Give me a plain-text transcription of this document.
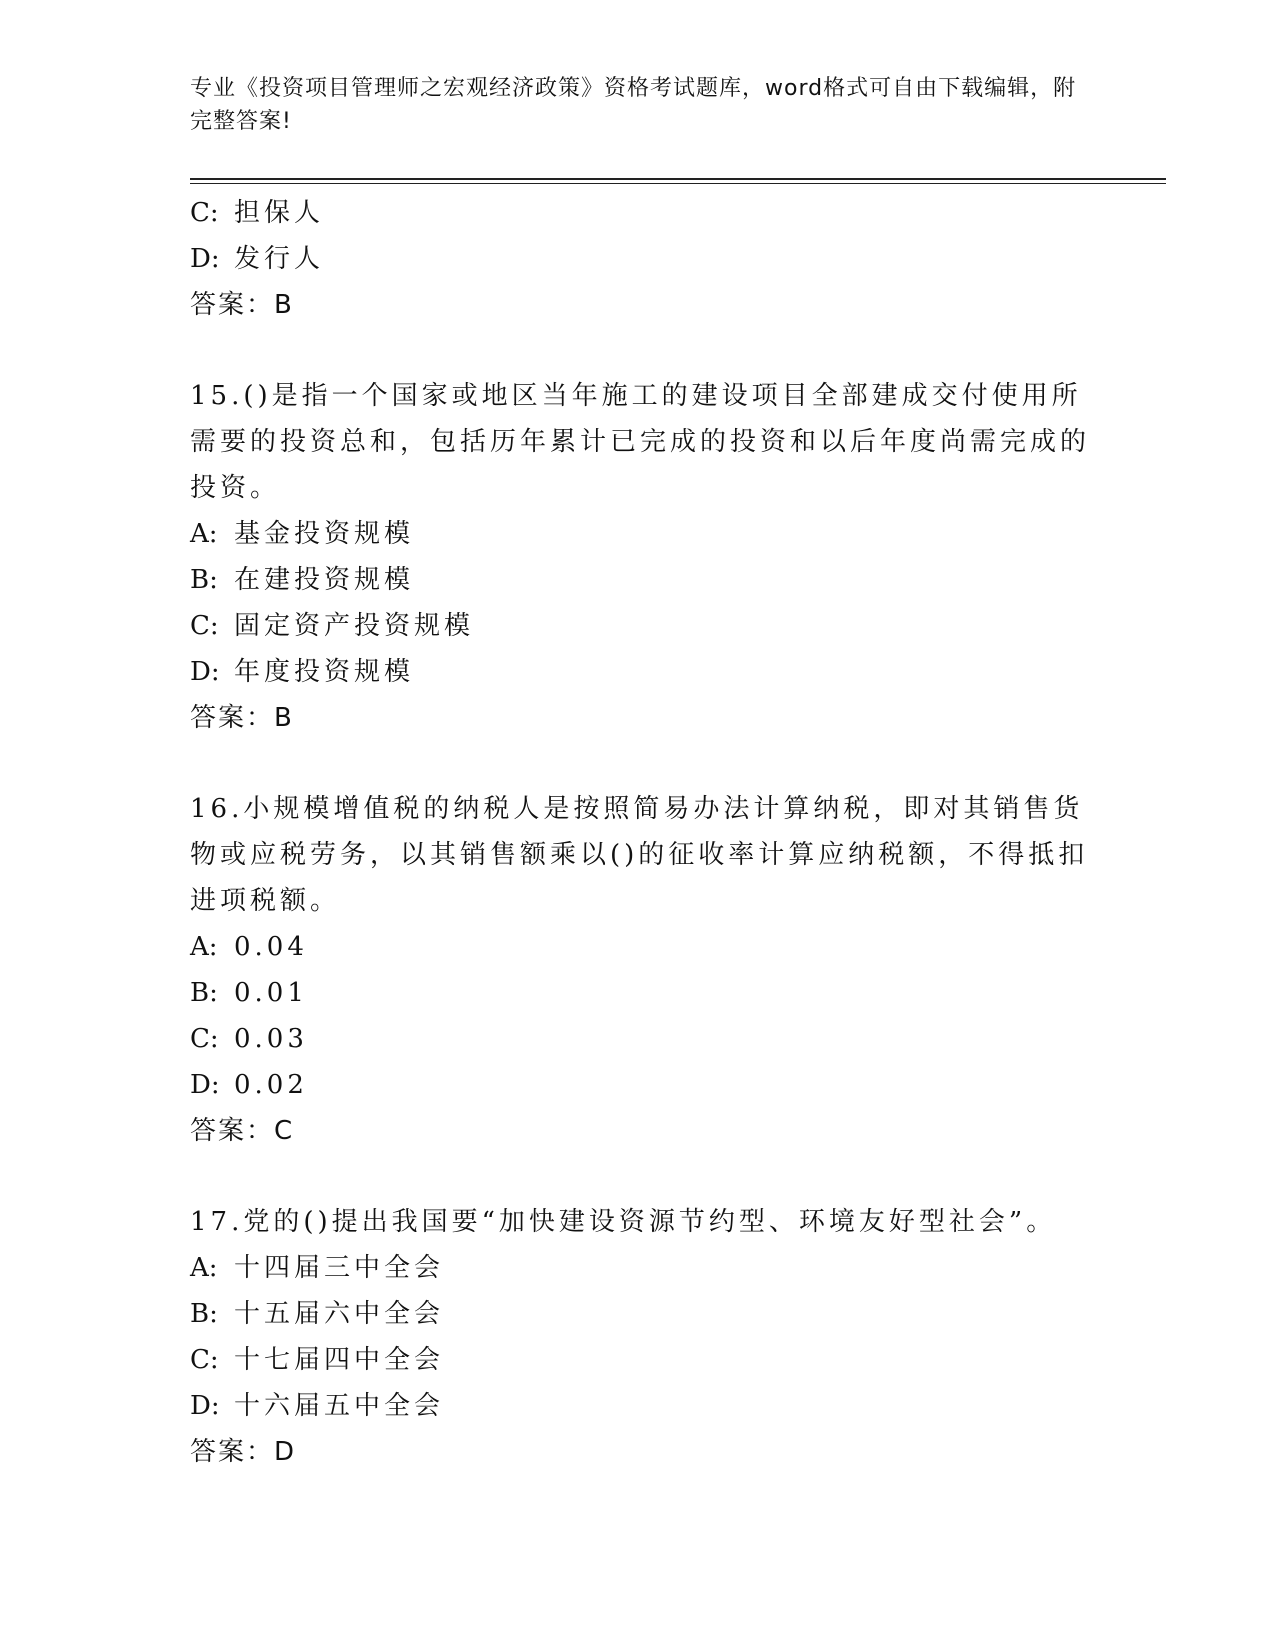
专业《投资项目管理师之宏观经济政策》资格考试题库，word格式可自由下载编辑，附完整答案!
C: 担保人
D: 发行人
答案：B
15.()是指一个国家或地区当年施工的建设项目全部建成交付使用所需要的投资总和，包括历年累计已完成的投资和以后年度尚需完成的投资。
A: 基金投资规模
B: 在建投资规模
C: 固定资产投资规模
D: 年度投资规模
答案：B
16.小规模增值税的纳税人是按照简易办法计算纳税，即对其销售货物或应税劳务，以其销售额乘以()的征收率计算应纳税额，不得抵扣进项税额。
A: 0.04
B: 0.01
C: 0.03
D: 0.02
答案：C
17.党的()提出我国要“加快建设资源节约型、环境友好型社会”。
A: 十四届三中全会
B: 十五届六中全会
C: 十七届四中全会
D: 十六届五中全会
答案：D
